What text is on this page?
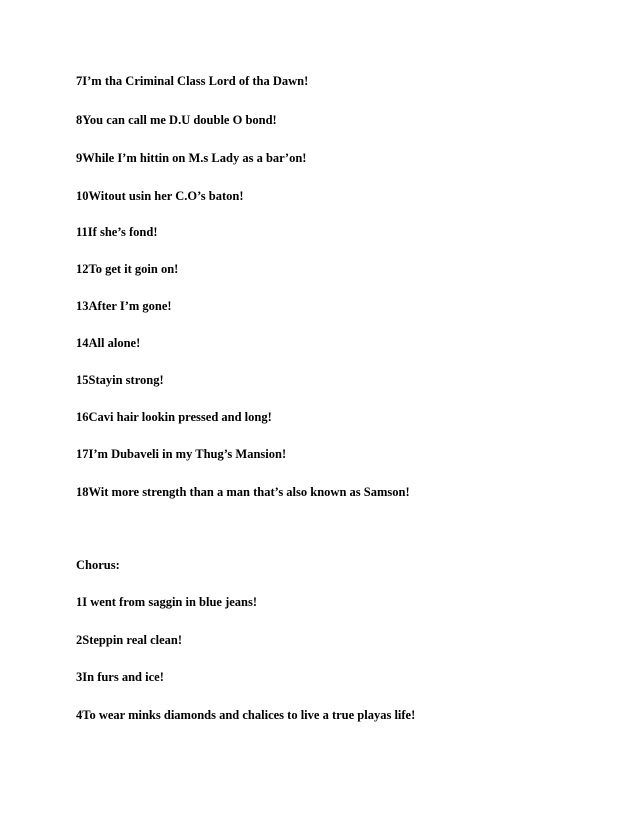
7I’m tha Criminal Class Lord of tha Dawn!

8You can call me D.U double O bond!

9While I’m hittin on M.s Lady as a bar’on!

10Witout usin her C.O’s baton!

11If she’s fond!

12To get it goin on!

13After I’m gone!

14All alone!

15Stayin strong!

16Cavi hair lookin pressed and long!

17I’m Dubaveli in my Thug’s Mansion!

18Wit more strength than a man that’s also known as Samson!

Chorus:

1I went from saggin in blue jeans!

2Steppin real clean!

3In furs and ice!

4To wear minks diamonds and chalices to live a true playas life!
